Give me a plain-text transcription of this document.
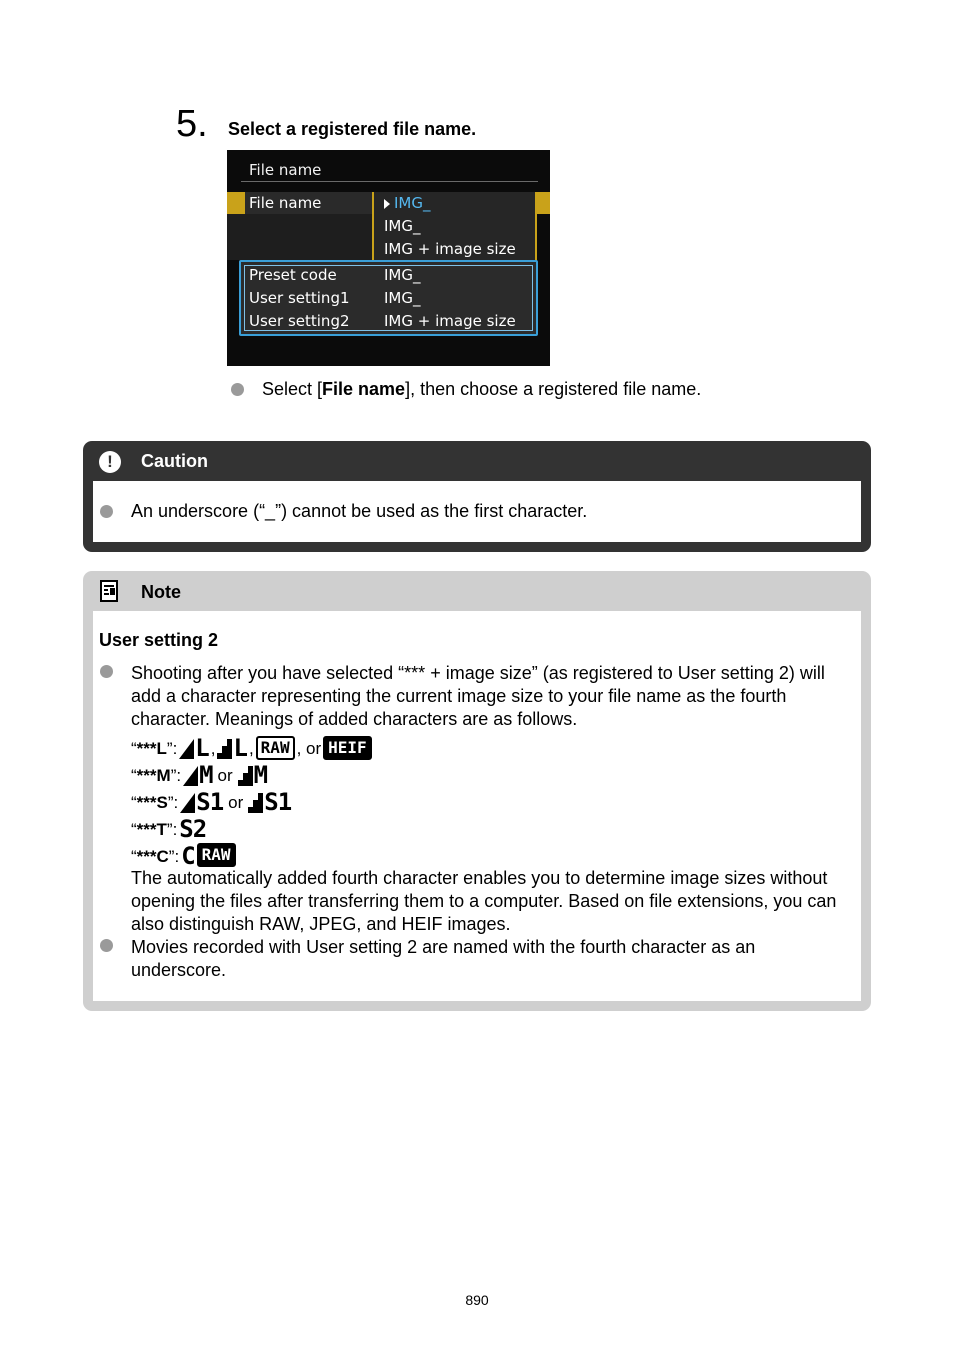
5. Select a registered file name.
File name
File name	IMG_
IMG_
IMG + image size
Preset code	IMG_
User setting1 IMG_
User setting2 IMG + image size
Select [ File name ], then choose a registered file name.
!	Caution
An underscore (“_”) cannot be used as the first character.
Note
User setting 2
Shooting after you have selected “*** + image size” (as registered to User setting 2) will add a character representing the current image size to your file name as the fourth character. Meanings of added characters are as follows.
“ ***L ”: L , L , RAW , or HEIF
“ ***M ”: M or M
“ ***S ”: S1 or S1
“ ***T ”: S2
“ ***C ”: C RAW
The automatically added fourth character enables you to determine image sizes without opening the files after transferring them to a computer. Based on file extensions, you can also distinguish RAW, JPEG, and HEIF images.
Movies recorded with User setting 2 are named with the fourth character as an underscore.
890
